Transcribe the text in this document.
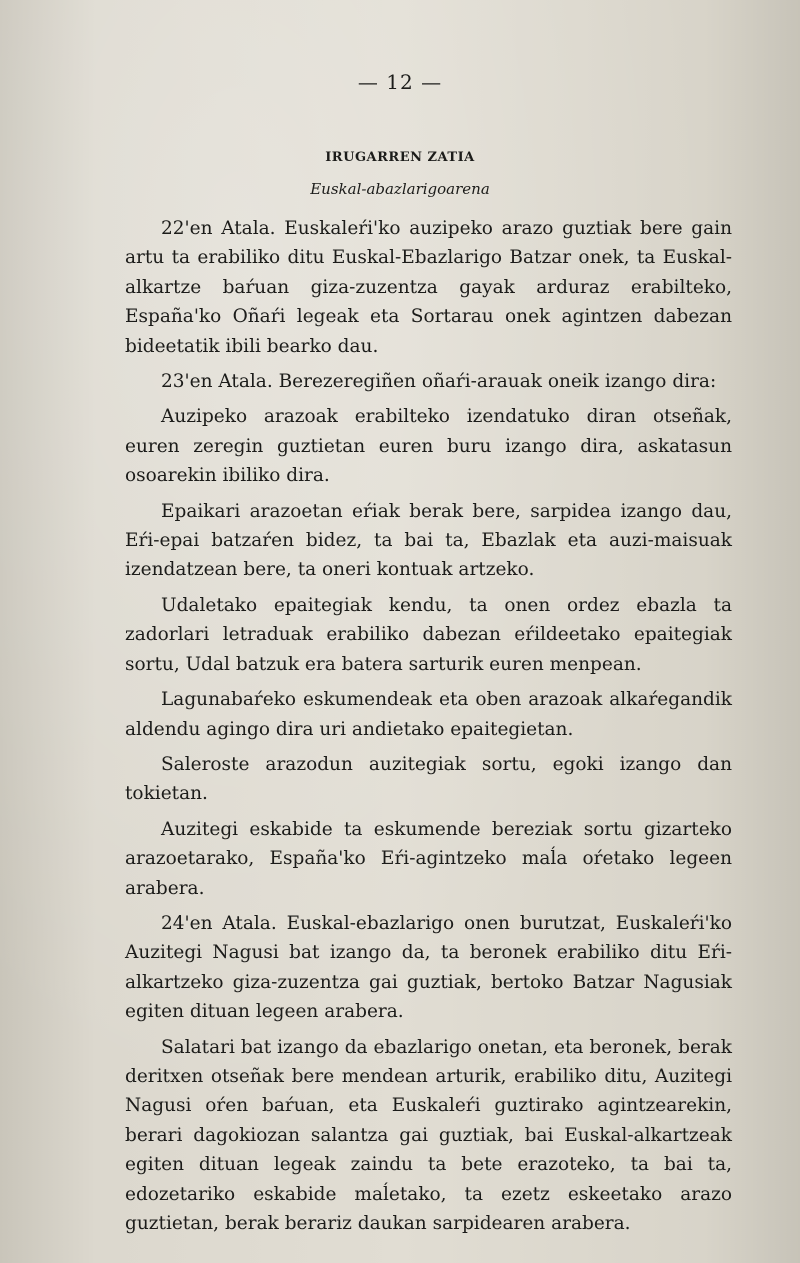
— 12 —
IRUGARREN ZATIA
Euskal-abazlarigoarena

22'en Atala. Euskaleŕi'ko auzipeko arazo guztiak bere gain artu ta erabiliko ditu Euskal-Ebazlarigo Batzar onek, ta Euskal-alkartze baŕuan giza-zuzentza gayak arduraz erabilteko, España'ko Oñaŕi legeak eta Sortarau onek agintzen dabezan bideetatik ibili bearko dau.

23'en Atala. Berezeregiñen oñaŕi-arauak oneik izango dira:

Auzipeko arazoak erabilteko izendatuko diran otseñak, euren zeregin guztietan euren buru izango dira, askatasun osoarekin ibiliko dira.

Epaikari arazoetan eŕiak berak bere, sarpidea izango dau, Eŕi-epai batzaŕen bidez, ta bai ta, Ebazlak eta auzi-maisuak izendatzean bere, ta oneri kontuak artzeko.

Udaletako epaitegiak kendu, ta onen ordez ebazla ta zadorlari letraduak erabiliko dabezan eŕildeetako epaitegiak sortu, Udal batzuk era batera sarturik euren menpean.

Lagunabaŕeko eskumendeak eta oben arazoak alkaŕegandik aldendu agingo dira uri andietako epaitegietan.

Saleroste arazodun auzitegiak sortu, egoki izango dan tokietan.

Auzitegi eskabide ta eskumende bereziak sortu gizarteko arazoetarako, España'ko Eŕi-agintzeko maĺa oŕetako legeen arabera.

24'en Atala. Euskal-ebazlarigo onen burutzat, Euskaleŕi'ko Auzitegi Nagusi bat izango da, ta beronek erabiliko ditu Eŕi-alkartzeko giza-zuzentza gai guztiak, bertoko Batzar Nagusiak egiten dituan legeen arabera.

Salatari bat izango da ebazlarigo onetan, eta beronek, berak deritxen otseñak bere mendean arturik, erabiliko ditu, Auzitegi Nagusi oŕen baŕuan, eta Euskaleŕi guztirako agintzearekin, berari dagokiozan salantza gai guztiak, bai Euskal-alkartzeak egiten dituan legeak zaindu ta bete erazoteko, ta bai ta, edozetariko eskabide maĺetako, ta ezetz eskeetako arazo guztietan, berak berariz daukan sarpidearen arabera.
